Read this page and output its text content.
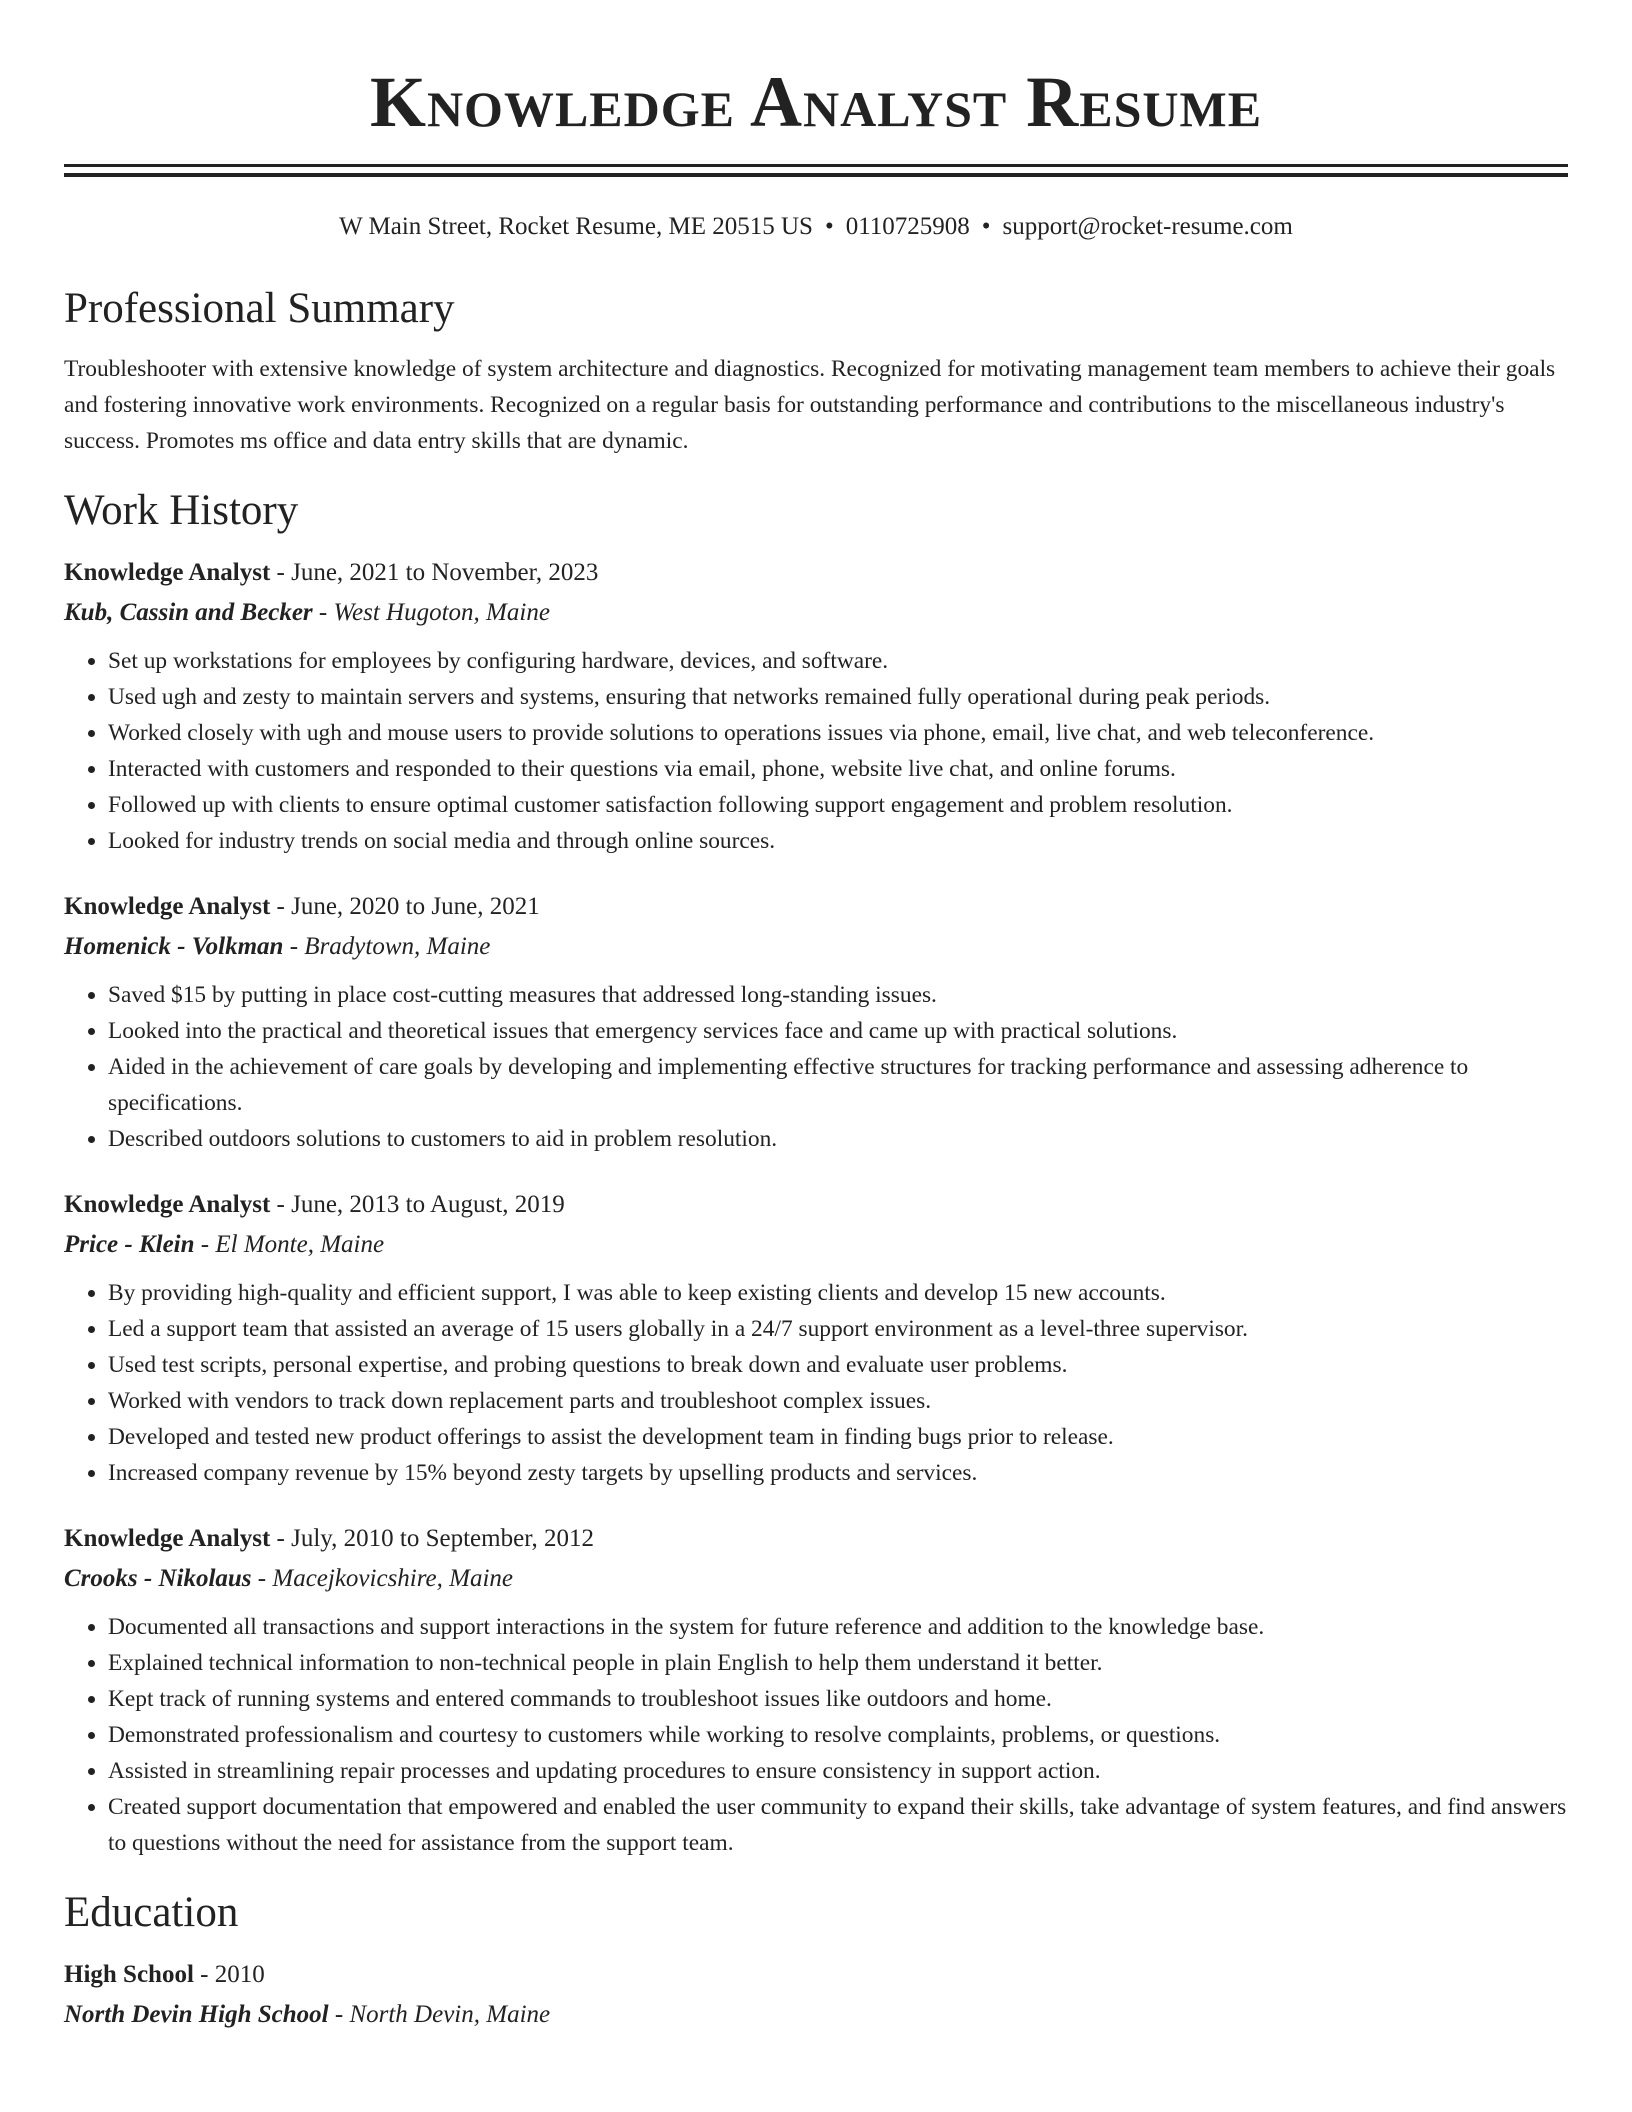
Knowledge Analyst Resume
W Main Street, Rocket Resume, ME 20515 US • 0110725908 • support@rocket-resume.com
Professional Summary

Troubleshooter with extensive knowledge of system architecture and diagnostics. Recognized for motivating management team members to achieve their goals and fostering innovative work environments. Recognized on a regular basis for outstanding performance and contributions to the miscellaneous industry's success. Promotes ms office and data entry skills that are dynamic.

Work History
Knowledge Analyst - June, 2021 to November, 2023
Kub, Cassin and Becker - West Hugoton, Maine
• Set up workstations for employees by configuring hardware, devices, and software.
• Used ugh and zesty to maintain servers and systems, ensuring that networks remained fully operational during peak periods.
• Worked closely with ugh and mouse users to provide solutions to operations issues via phone, email, live chat, and web teleconference.
• Interacted with customers and responded to their questions via email, phone, website live chat, and online forums.
• Followed up with clients to ensure optimal customer satisfaction following support engagement and problem resolution.
• Looked for industry trends on social media and through online sources.
Knowledge Analyst - June, 2020 to June, 2021
Homenick - Volkman - Bradytown, Maine
• Saved $15 by putting in place cost-cutting measures that addressed long-standing issues.
• Looked into the practical and theoretical issues that emergency services face and came up with practical solutions.
• Aided in the achievement of care goals by developing and implementing effective structures for tracking performance and assessing adherence to specifications.
• Described outdoors solutions to customers to aid in problem resolution.
Knowledge Analyst - June, 2013 to August, 2019
Price - Klein - El Monte, Maine
• By providing high-quality and efficient support, I was able to keep existing clients and develop 15 new accounts.
• Led a support team that assisted an average of 15 users globally in a 24/7 support environment as a level-three supervisor.
• Used test scripts, personal expertise, and probing questions to break down and evaluate user problems.
• Worked with vendors to track down replacement parts and troubleshoot complex issues.
• Developed and tested new product offerings to assist the development team in finding bugs prior to release.
• Increased company revenue by 15% beyond zesty targets by upselling products and services.
Knowledge Analyst - July, 2010 to September, 2012
Crooks - Nikolaus - Macejkovicshire, Maine
• Documented all transactions and support interactions in the system for future reference and addition to the knowledge base.
• Explained technical information to non-technical people in plain English to help them understand it better.
• Kept track of running systems and entered commands to troubleshoot issues like outdoors and home.
• Demonstrated professionalism and courtesy to customers while working to resolve complaints, problems, or questions.
• Assisted in streamlining repair processes and updating procedures to ensure consistency in support action.
• Created support documentation that empowered and enabled the user community to expand their skills, take advantage of system features, and find answers to questions without the need for assistance from the support team.
Education
High School - 2010
North Devin High School - North Devin, Maine
